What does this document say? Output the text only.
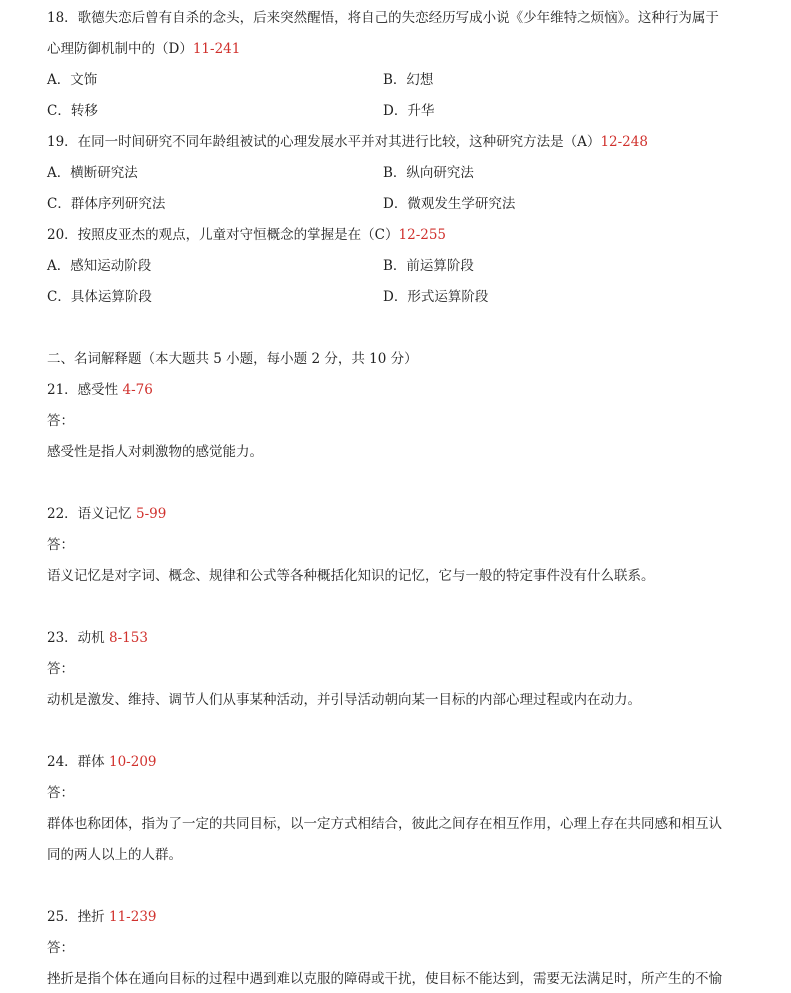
18．歌德失恋后曾有自杀的念头，后来突然醒悟，将自己的失恋经历写成小说《少年维特之烦恼》。这种行为属于
心理防御机制中的（D）11-241
A．文饰	B．幻想
C．转移	D．升华
19．在同一时间研究不同年龄组被试的心理发展水平并对其进行比较，这种研究方法是（A）12-248
A．横断研究法	B．纵向研究法
C．群体序列研究法	D．微观发生学研究法
20．按照皮亚杰的观点，儿童对守恒概念的掌握是在（C）12-255
A．感知运动阶段	B．前运算阶段
C．具体运算阶段	D．形式运算阶段
二、名词解释题（本大题共 5 小题，每小题 2 分，共 10 分）
21．感受性 4-76
答：
感受性是指人对刺激物的感觉能力。
22．语义记忆 5-99
答：
语义记忆是对字词、概念、规律和公式等各种概括化知识的记忆，它与一般的特定事件没有什么联系。
23．动机 8-153
答：
动机是激发、维持、调节人们从事某种活动，并引导活动朝向某一目标的内部心理过程或内在动力。
24．群体 10-209
答：
群体也称团体，指为了一定的共同目标，以一定方式相结合，彼此之间存在相互作用，心理上存在共同感和相互认
同的两人以上的人群。
25．挫折 11-239
答：
挫折是指个体在通向目标的过程中遇到难以克服的障碍或干扰，使目标不能达到，需要无法满足时，所产生的不愉
